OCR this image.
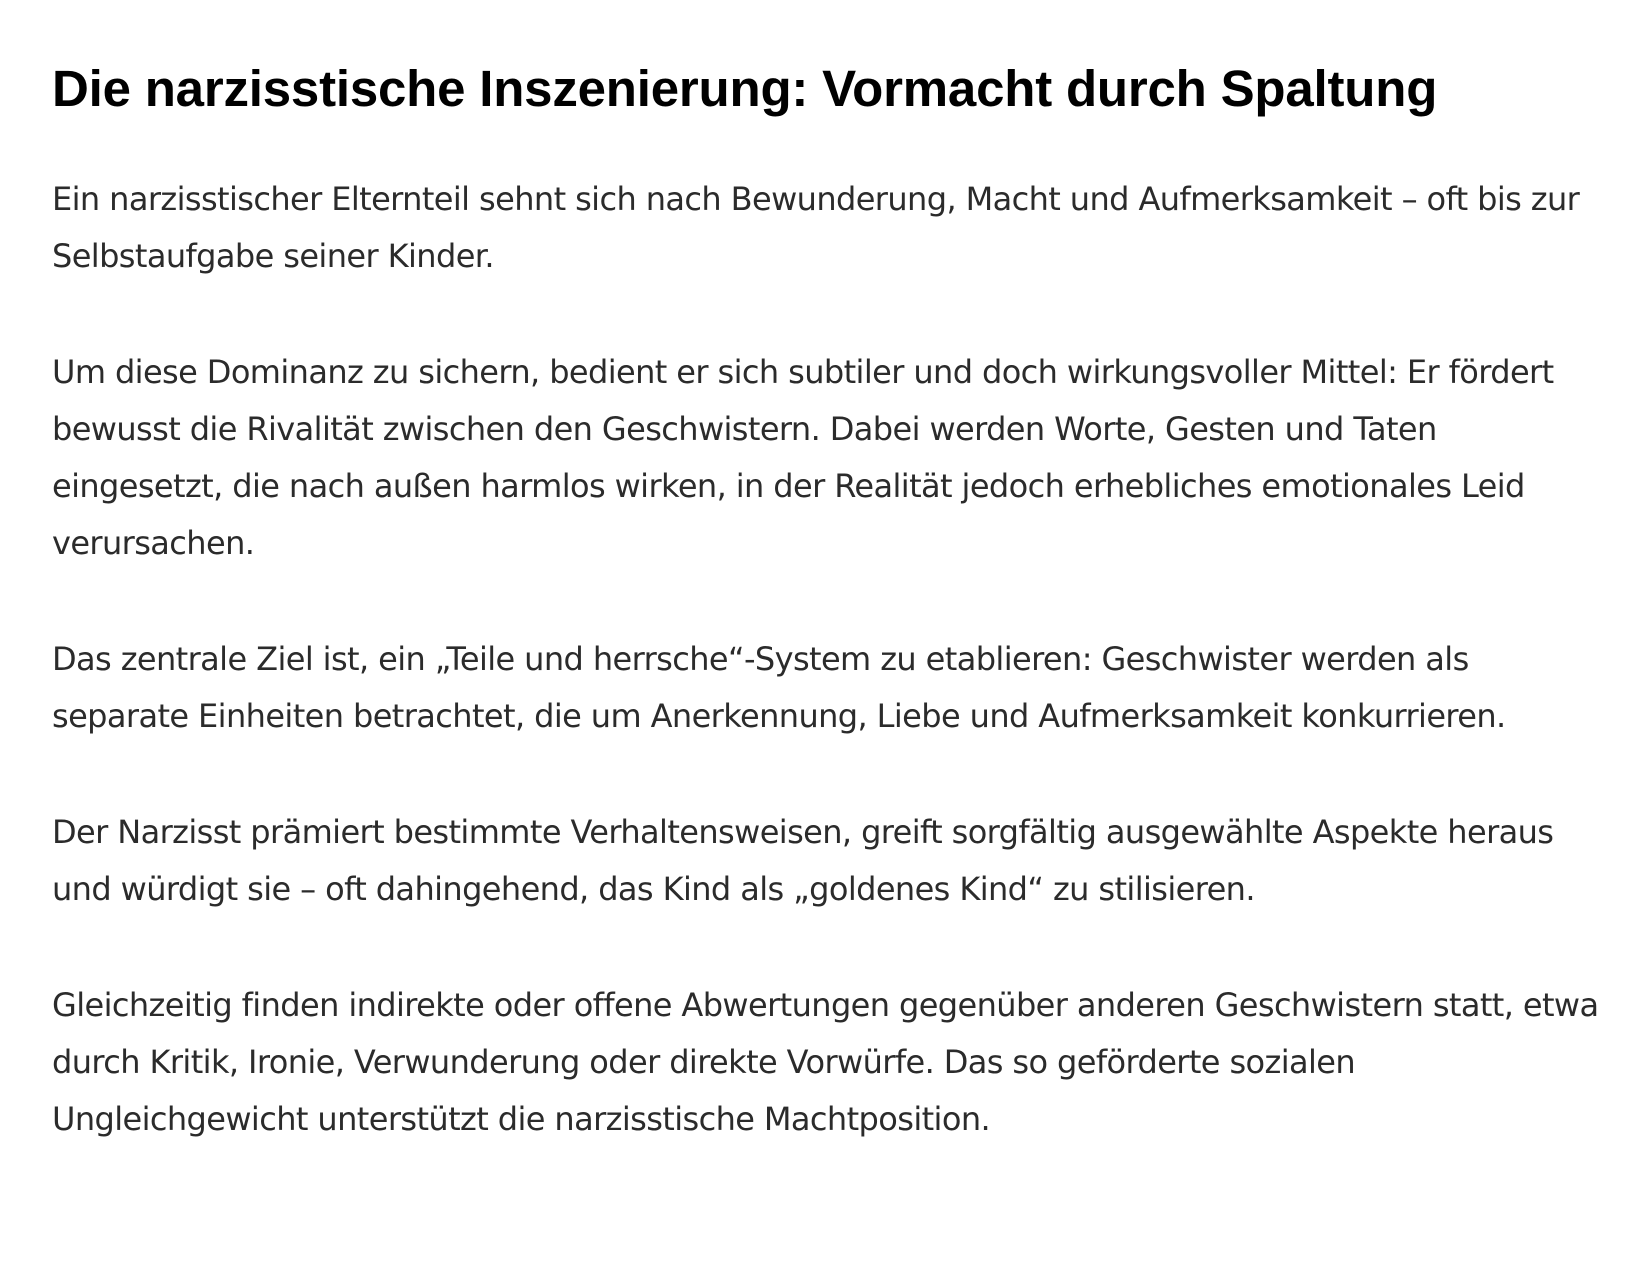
Die narzisstische Inszenierung: Vormacht durch Spaltung

Ein narzisstischer Elternteil sehnt sich nach Bewunderung, Macht und Aufmerksamkeit – oft bis zur Selbstaufgabe seiner Kinder.

Um diese Dominanz zu sichern, bedient er sich subtiler und doch wirkungsvoller Mittel: Er fördert bewusst die Rivalität zwischen den Geschwistern. Dabei werden Worte, Gesten und Taten eingesetzt, die nach außen harmlos wirken, in der Realität jedoch erhebliches emotionales Leid verursachen.

Das zentrale Ziel ist, ein „Teile und herrsche“-System zu etablieren: Geschwister werden als separate Einheiten betrachtet, die um Anerkennung, Liebe und Aufmerksamkeit konkurrieren.

Der Narzisst prämiert bestimmte Verhaltensweisen, greift sorgfältig ausgewählte Aspekte heraus und würdigt sie – oft dahingehend, das Kind als „goldenes Kind“ zu stilisieren.

Gleichzeitig finden indirekte oder offene Abwertungen gegenüber anderen Geschwistern statt, etwa durch Kritik, Ironie, Verwunderung oder direkte Vorwürfe. Das so geförderte sozialen Ungleichgewicht unterstützt die narzisstische Machtposition.
